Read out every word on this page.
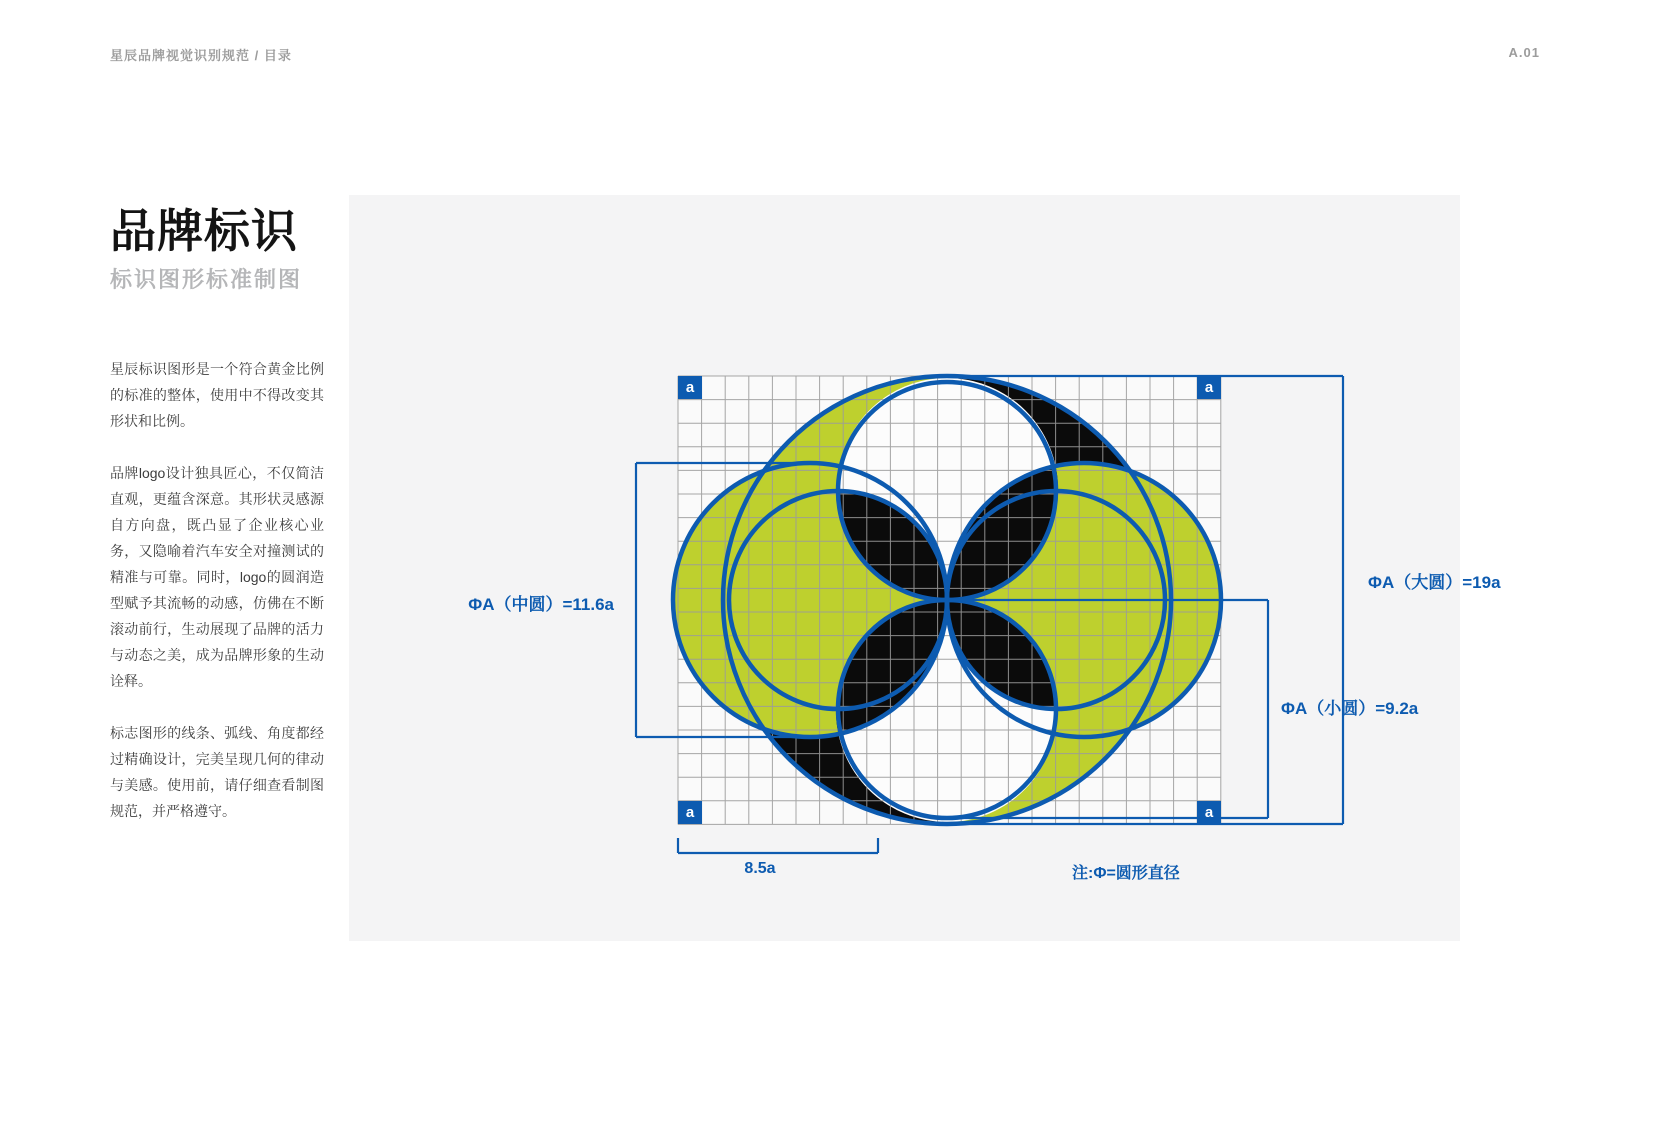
星辰品牌视觉识别规范 / 目录	A.01
品牌标识
标识图形标准制图

星辰标识图形是一个符合黄金比例的标准的整体，使用中不得改变其形状和比例。

品牌logo设计独具匠心，不仅简洁直观，更蕴含深意。其形状灵感源自方向盘，既凸显了企业核心业务，又隐喻着汽车安全对撞测试的精准与可靠。同时，logo的圆润造型赋予其流畅的动感，仿佛在不断滚动前行，生动展现了品牌的活力与动态之美，成为品牌形象的生动诠释。

标志图形的线条、弧线、角度都经过精确设计，完美呈现几何的律动与美感。使用前，请仔细查看制图规范，并严格遵守。

a	a
a	a
ΦA（中圆）=11.6a
ΦA（大圆）=19a
ΦA（小圆）=9.2a
8.5a	注:Φ=圆形直径
